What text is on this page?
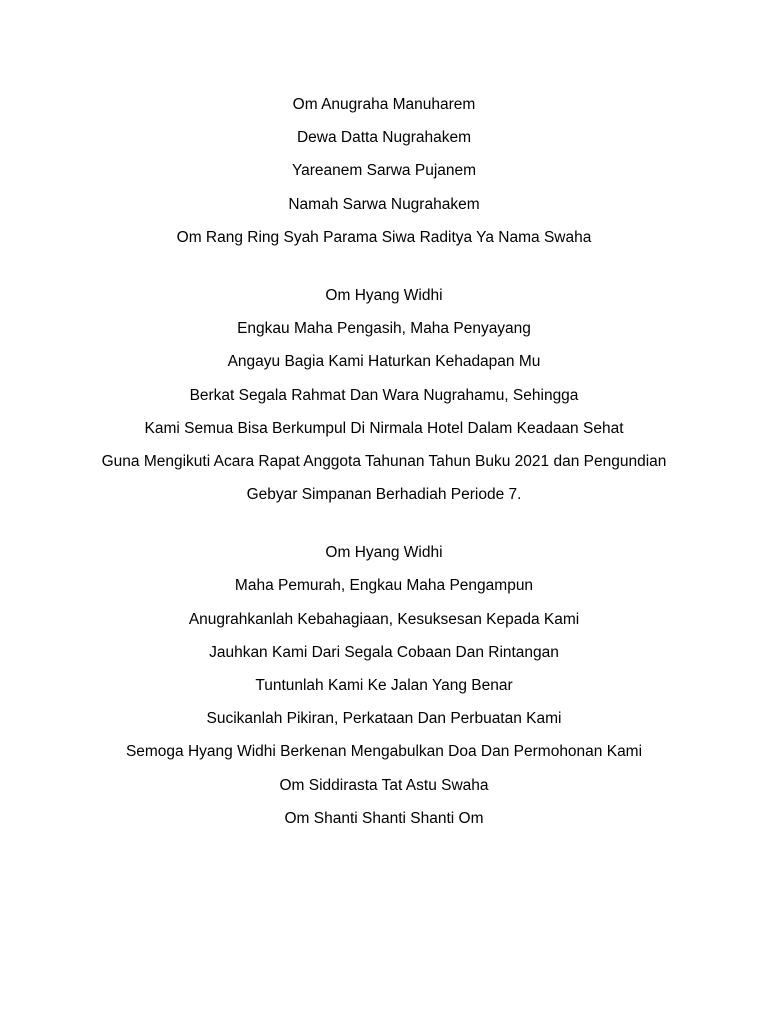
Om Anugraha Manuharem
Dewa Datta Nugrahakem
Yareanem Sarwa Pujanem
Namah Sarwa Nugrahakem
Om Rang Ring Syah Parama Siwa Raditya Ya Nama Swaha
Om Hyang Widhi
Engkau Maha Pengasih, Maha Penyayang
Angayu Bagia Kami Haturkan Kehadapan Mu
Berkat Segala Rahmat Dan Wara Nugrahamu, Sehingga
Kami Semua Bisa Berkumpul Di Nirmala Hotel Dalam Keadaan Sehat
Guna Mengikuti Acara Rapat Anggota Tahunan Tahun Buku 2021 dan Pengundian
Gebyar Simpanan Berhadiah Periode 7.
Om Hyang Widhi
Maha Pemurah, Engkau Maha Pengampun
Anugrahkanlah Kebahagiaan, Kesuksesan Kepada Kami
Jauhkan Kami Dari Segala Cobaan Dan Rintangan
Tuntunlah Kami Ke Jalan Yang Benar
Sucikanlah Pikiran, Perkataan Dan Perbuatan Kami
Semoga Hyang Widhi Berkenan Mengabulkan Doa Dan Permohonan Kami
Om Siddirasta Tat Astu Swaha
Om Shanti Shanti Shanti Om
